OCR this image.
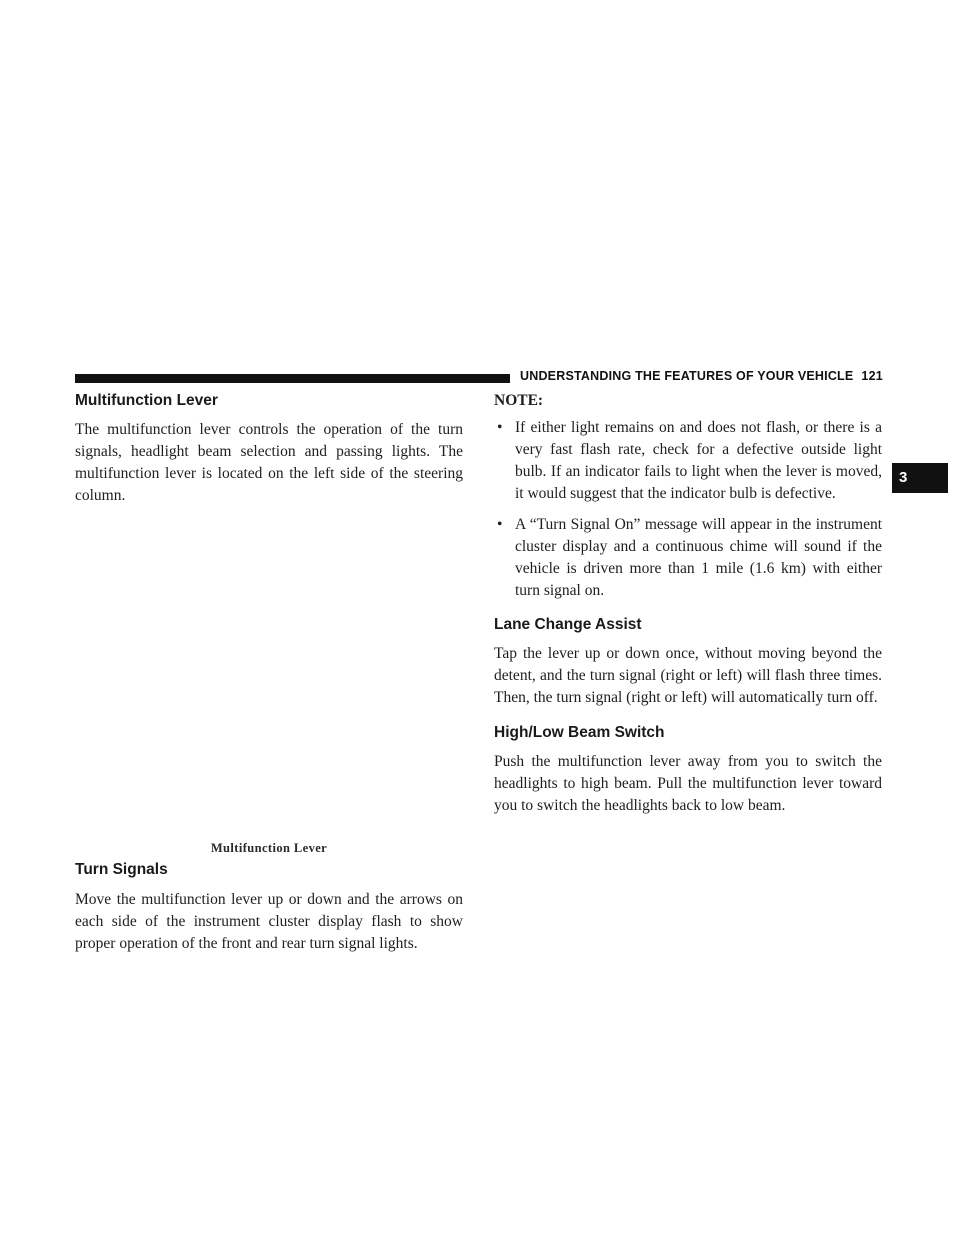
UNDERSTANDING THE FEATURES OF YOUR VEHICLE 121
3
Multifunction Lever

The multifunction lever controls the operation of the turn signals, headlight beam selection and passing lights. The multifunction lever is located on the left side of the steering column.

Multifunction Lever
Turn Signals

Move the multifunction lever up or down and the arrows on each side of the instrument cluster display flash to show proper operation of the front and rear turn signal lights.

NOTE:
• If either light remains on and does not flash, or there is a very fast flash rate, check for a defective outside light bulb. If an indicator fails to light when the lever is moved, it would suggest that the indicator bulb is defective.
• A “Turn Signal On” message will appear in the instrument cluster display and a continuous chime will sound if the vehicle is driven more than 1 mile (1.6 km) with either turn signal on.
Lane Change Assist

Tap the lever up or down once, without moving beyond the detent, and the turn signal (right or left) will flash three times. Then, the turn signal (right or left) will automatically turn off.

High/Low Beam Switch

Push the multifunction lever away from you to switch the headlights to high beam. Pull the multifunction lever toward you to switch the headlights back to low beam.
